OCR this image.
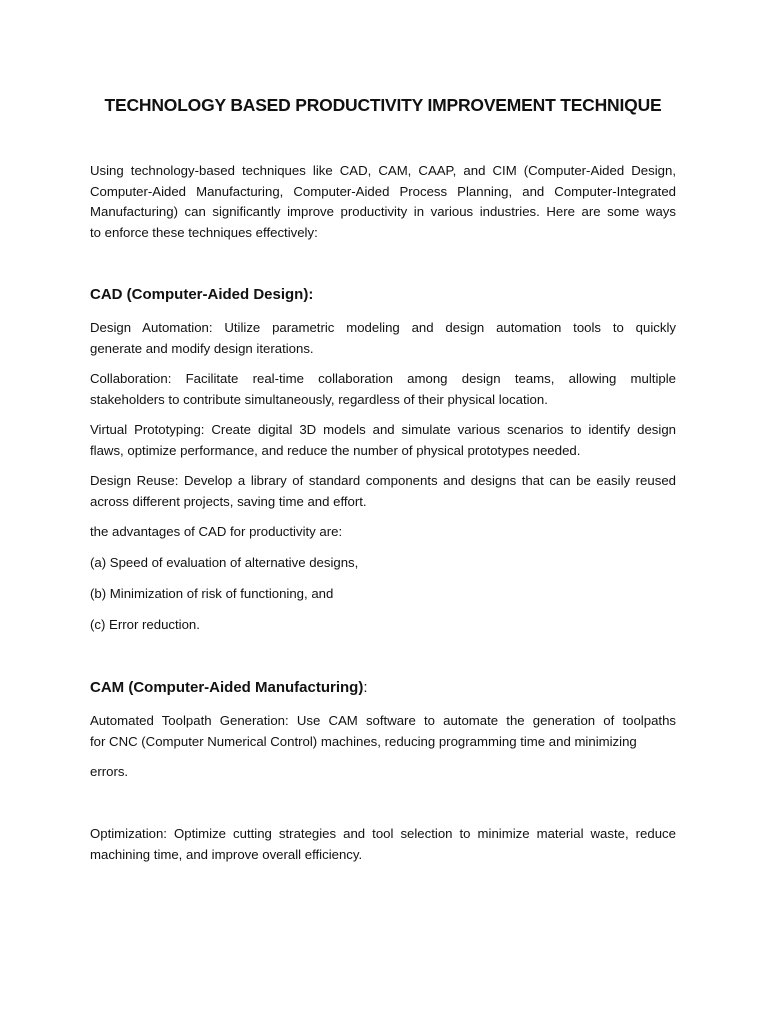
TECHNOLOGY BASED PRODUCTIVITY IMPROVEMENT TECHNIQUE

Using technology-based techniques like CAD, CAM, CAAP, and CIM (Computer-Aided Design,

Computer-Aided Manufacturing, Computer-Aided Process Planning, and Computer-Integrated

Manufacturing) can significantly improve productivity in various industries. Here are some ways

to enforce these techniques effectively:

CAD (Computer-Aided Design):

Design Automation: Utilize parametric modeling and design automation tools to quickly

generate and modify design iterations.

Collaboration: Facilitate real-time collaboration among design teams, allowing multiple

stakeholders to contribute simultaneously, regardless of their physical location.

Virtual Prototyping: Create digital 3D models and simulate various scenarios to identify design

flaws, optimize performance, and reduce the number of physical prototypes needed.

Design Reuse: Develop a library of standard components and designs that can be easily reused

across different projects, saving time and effort.

the advantages of CAD for productivity are:

(a) Speed of evaluation of alternative designs,

(b) Minimization of risk of functioning, and

(c) Error reduction.

CAM (Computer-Aided Manufacturing):

Automated Toolpath Generation: Use CAM software to automate the generation of toolpaths

for CNC (Computer Numerical Control) machines, reducing programming time and minimizing

errors.

Optimization: Optimize cutting strategies and tool selection to minimize material waste, reduce

machining time, and improve overall efficiency.
